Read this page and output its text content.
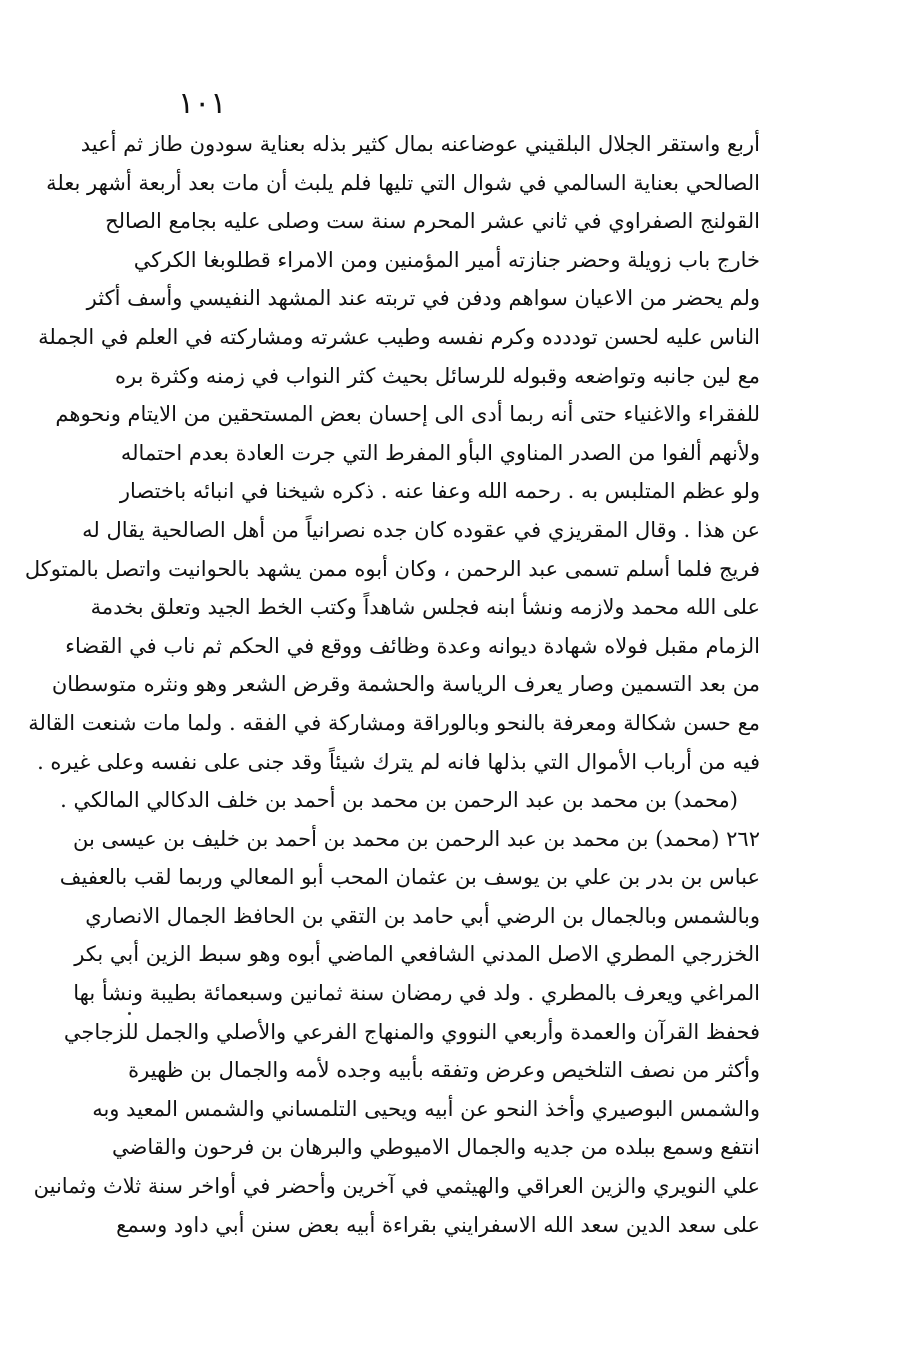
١٠١
أربع واستقر الجلال البلقيني عوضاعنه بمال كثير بذله بعناية سودون طاز ثم أعيد
الصالحي بعناية السالمي في شوال التي تليها فلم يلبث أن مات بعد أربعة أشهر بعلة
القولنج الصفراوي في ثاني عشر المحرم سنة ست وصلى عليه بجامع الصالح
خارج باب زويلة وحضر جنازته أمير المؤمنين ومن الامراء قطلوبغا الكركي
ولم يحضر من الاعيان سواهم ودفن في تربته عند المشهد النفيسي وأسف أكثر
الناس عليه لحسن توددده وكرم نفسه وطيب عشرته ومشاركته في العلم في الجملة
مع لين جانبه وتواضعه وقبوله للرسائل بحيث كثر النواب في زمنه وكثرة بره
للفقراء والاغنياء حتى أنه ربما أدى الى إحسان بعض المستحقين من الايتام ونحوهم
ولأنهم ألفوا من الصدر المناوي البأو المفرط التي جرت العادة بعدم احتماله
ولو عظم المتلبس به . رحمه الله وعفا عنه . ذكره شيخنا في انبائه باختصار
عن هذا . وقال المقريزي في عقوده كان جده نصرانياً من أهل الصالحية يقال له
فريج فلما أسلم تسمى عبد الرحمن ، وكان أبوه ممن يشهد بالحوانيت واتصل بالمتوكل
على الله محمد ولازمه ونشأ ابنه فجلس شاهداً وكتب الخط الجيد وتعلق بخدمة
الزمام مقبل فولاه شهادة ديوانه وعدة وظائف ووقع في الحكم ثم ناب في القضاء
من بعد التسمين وصار يعرف الرياسة والحشمة وقرض الشعر وهو ونثره متوسطان
مع حسن شكالة ومعرفة بالنحو وبالوراقة ومشاركة في الفقه . ولما مات شنعت القالة
فيه من أرباب الأموال التي بذلها فانه لم يترك شيئاً وقد جنى على نفسه وعلى غيره .
(محمد) بن محمد بن عبد الرحمن بن محمد بن أحمد بن خلف الدكالي المالكي .
٢٦٢ (محمد) بن محمد بن عبد الرحمن بن محمد بن أحمد بن خليف بن عيسى بن
عباس بن بدر بن علي بن يوسف بن عثمان المحب أبو المعالي وربما لقب بالعفيف
وبالشمس وبالجمال بن الرضي أبي حامد بن التقي بن الحافظ الجمال الانصاري
الخزرجي المطري الاصل المدني الشافعي الماضي أبوه وهو سبط الزين أبي بكر
المراغي ويعرف بالمطري . ولد في رمضان سنة ثمانين وسبعمائة بطيبة ونشأ بها
فحفظ القرآن والعمدة وأربعي النووي والمنهاج الفرعي والأصلي والجمل للزجاجي
وأكثر من نصف التلخيص وعرض وتفقه بأبيه وجده لأمه والجمال بن ظهيرة
والشمس البوصيري وأخذ النحو عن أبيه ويحيى التلمساني والشمس المعيد وبه
انتفع وسمع ببلده من جديه والجمال الاميوطي والبرهان بن فرحون والقاضي
علي النويري والزين العراقي والهيثمي في آخرين وأحضر في أواخر سنة ثلاث وثمانين
على سعد الدين سعد الله الاسفرايني بقراءة أبيه بعض سنن أبي داود وسمع
